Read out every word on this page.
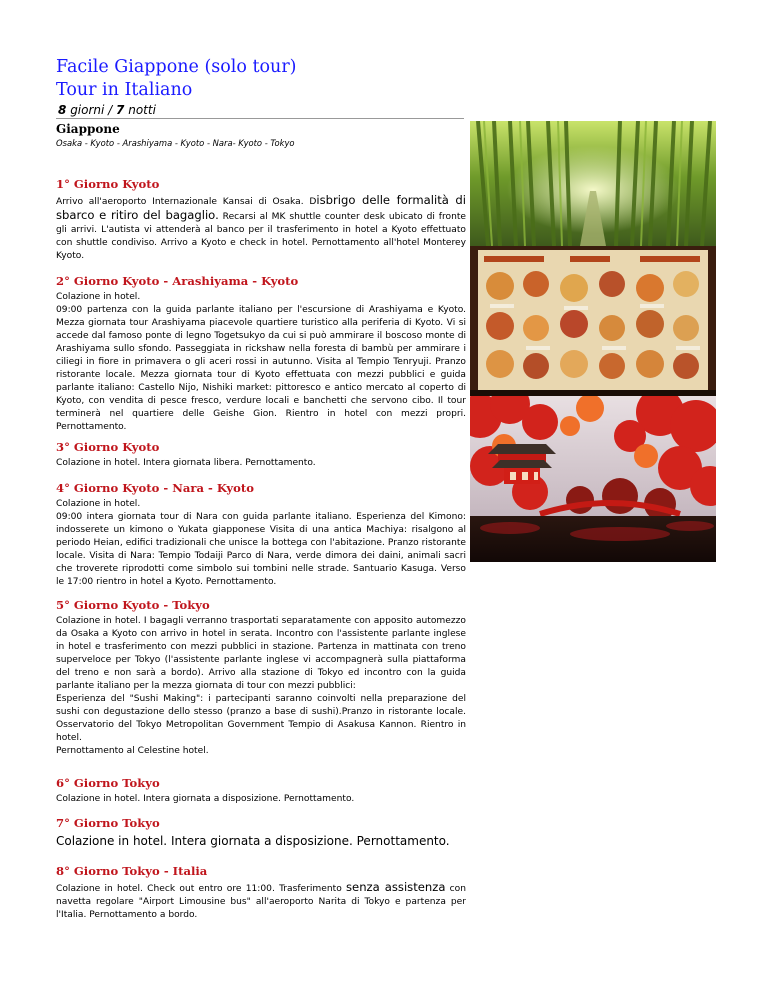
Facile Giappone (solo tour)
Tour in Italiano
8 giorni / 7 notti
Giappone
Osaka - Kyoto - Arashiyama - Kyoto - Nara- Kyoto - Tokyo
1° Giorno Kyoto

Arrivo all'aeroporto Internazionale Kansai di Osaka. Disbrigo delle formalità di sbarco e ritiro del bagaglio. Recarsi al MK shuttle counter desk ubicato di fronte gli arrivi. L'autista vi attenderà al banco per il trasferimento in hotel a Kyoto effettuato con shuttle condiviso. Arrivo a Kyoto e check in hotel. Pernottamento all'hotel Monterey Kyoto.

2° Giorno Kyoto - Arashiyama - Kyoto

Colazione in hotel.
09:00 partenza con la guida parlante italiano per l'escursione di Arashiyama e Kyoto. Mezza giornata tour Arashiyama piacevole quartiere turistico alla periferia di Kyoto. Vi si accede dal famoso ponte di legno Togetsukyo da cui si può ammirare il boscoso monte di Arashiyama sullo sfondo. Passeggiata in rickshaw nella foresta di bambù per ammirare i ciliegi in fiore in primavera o gli aceri rossi in autunno. Visita al Tempio Tenryuji. Pranzo ristorante locale. Mezza giornata tour di Kyoto effettuata con mezzi pubblici e guida parlante italiano: Castello Nijo, Nishiki market: pittoresco e antico mercato al coperto di Kyoto, con vendita di pesce fresco, verdure locali e banchetti che servono cibo. Il tour terminerà nel quartiere delle Geishe Gion. Rientro in hotel con mezzi propri. Pernottamento.

3° Giorno Kyoto

Colazione in hotel. Intera giornata libera. Pernottamento.

4° Giorno Kyoto - Nara - Kyoto

Colazione in hotel.
09:00 intera giornata tour di Nara con guida parlante italiano. Esperienza del Kimono: indosserete un kimono o Yukata giapponese Visita di una antica Machiya: risalgono al periodo Heian, edifici tradizionali che unisce la bottega con l'abitazione. Pranzo ristorante locale. Visita di Nara: Tempio Todaiji Parco di Nara, verde dimora dei daini, animali sacri che troverete riprodotti come simbolo sui tombini nelle strade. Santuario Kasuga. Verso le 17:00 rientro in hotel a Kyoto. Pernottamento.

5° Giorno Kyoto - Tokyo

Colazione in hotel. I bagagli verranno trasportati separatamente con apposito automezzo da Osaka a Kyoto con arrivo in hotel in serata. Incontro con l'assistente parlante inglese in hotel e trasferimento con mezzi pubblici in stazione. Partenza in mattinata con treno superveloce per Tokyo (l'assistente parlante inglese vi accompagnerà sulla piattaforma del treno e non sarà a bordo). Arrivo alla stazione di Tokyo ed incontro con la guida parlante italiano per la mezza giornata di tour con mezzi pubblici:
Esperienza del "Sushi Making": i partecipanti saranno coinvolti nella preparazione del sushi con degustazione dello stesso (pranzo a base di sushi).Pranzo in ristorante locale. Osservatorio del Tokyo Metropolitan Government Tempio di Asakusa Kannon. Rientro in hotel.
Pernottamento al Celestine hotel.

6° Giorno Tokyo

Colazione in hotel. Intera giornata a disposizione. Pernottamento.

7° Giorno Tokyo

Colazione in hotel. Intera giornata a disposizione. Pernottamento.

8° Giorno Tokyo - Italia

Colazione in hotel. Check out entro ore 11:00. Trasferimento senza assistenza con navetta regolare "Airport Limousine bus" all'aeroporto Narita di Tokyo e partenza per l'Italia. Pernottamento a bordo.
